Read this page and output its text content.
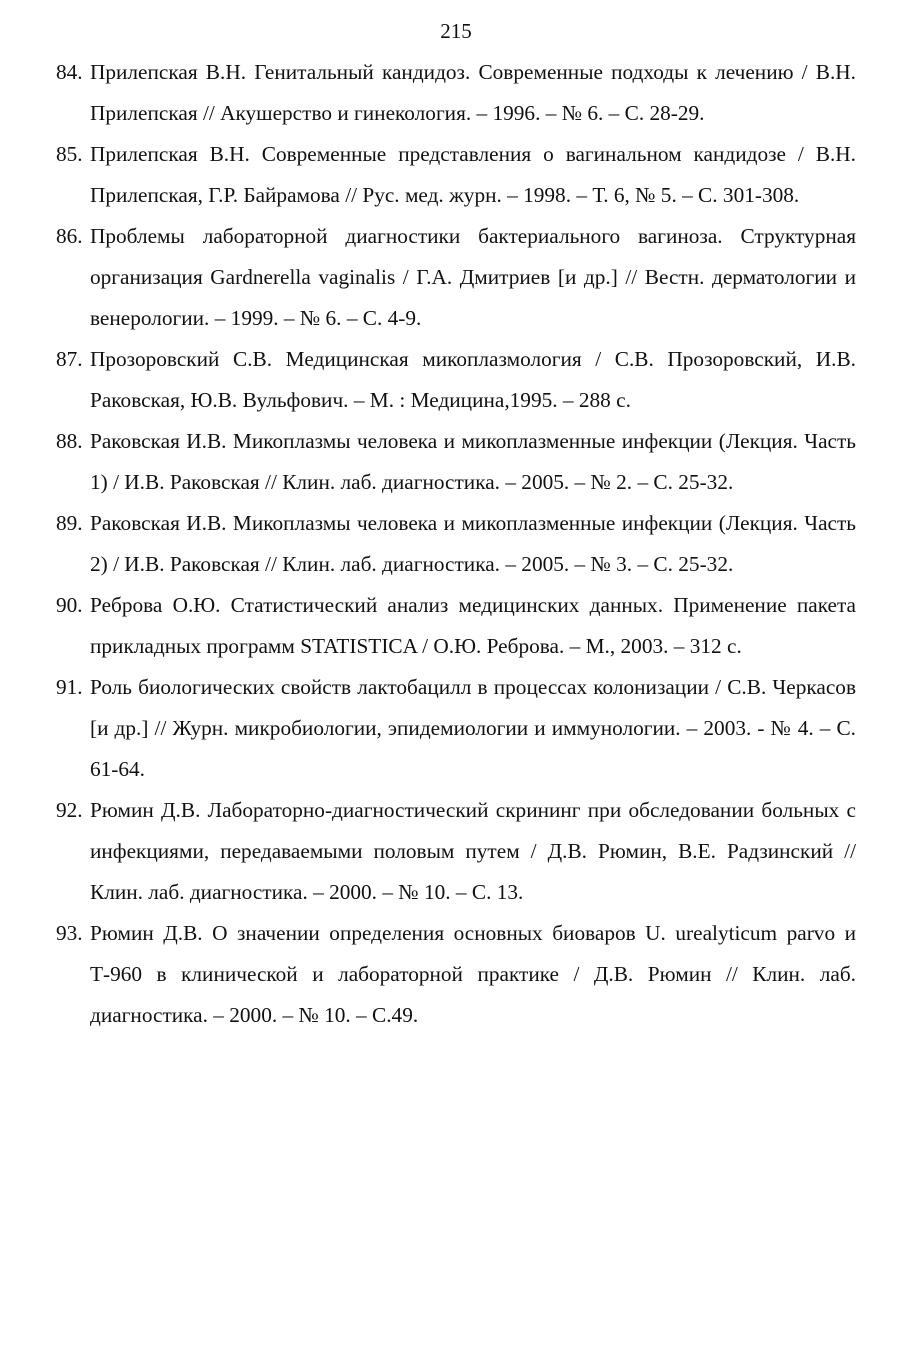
215
84. Прилепская В.Н. Генитальный кандидоз. Современные подходы к лечению / В.Н. Прилепская // Акушерство и гинекология. – 1996. – № 6. – С. 28-29.
85. Прилепская В.Н. Современные представления о вагинальном кандидозе / В.Н. Прилепская, Г.Р. Байрамова // Рус. мед. журн. – 1998. – Т. 6, № 5. – С. 301-308.
86. Проблемы лабораторной диагностики бактериального вагиноза. Структурная организация Gardnerella vaginalis / Г.А. Дмитриев [и др.] // Вестн. дерматологии и венерологии. – 1999. – № 6. – С. 4-9.
87. Прозоровский С.В. Медицинская микоплазмология / С.В. Прозоровский, И.В. Раковская, Ю.В. Вульфович. – М. : Медицина,1995. – 288 с.
88. Раковская И.В. Микоплазмы человека и микоплазменные инфекции (Лекция. Часть 1) / И.В. Раковская // Клин. лаб. диагностика. – 2005. – № 2. – С. 25-32.
89. Раковская И.В. Микоплазмы человека и микоплазменные инфекции (Лекция. Часть 2) / И.В. Раковская // Клин. лаб. диагностика. – 2005. – № 3. – С. 25-32.
90. Реброва О.Ю. Статистический анализ медицинских данных. Применение пакета прикладных программ STATISTICA / О.Ю. Реброва. – М., 2003. – 312 с.
91. Роль биологических свойств лактобацилл в процессах колонизации / С.В. Черкасов [и др.] // Журн. микробиологии, эпидемиологии и иммунологии. – 2003. - № 4. – С. 61-64.
92. Рюмин Д.В. Лабораторно-диагностический скрининг при обследовании больных с инфекциями, передаваемыми половым путем / Д.В. Рюмин, В.Е. Радзинский // Клин. лаб. диагностика. – 2000. – № 10. – С. 13.
93. Рюмин Д.В. О значении определения основных биоваров U. urealyticum parvo и Т-960 в клинической и лабораторной практике / Д.В. Рюмин // Клин. лаб. диагностика. – 2000. – № 10. – С.49.
